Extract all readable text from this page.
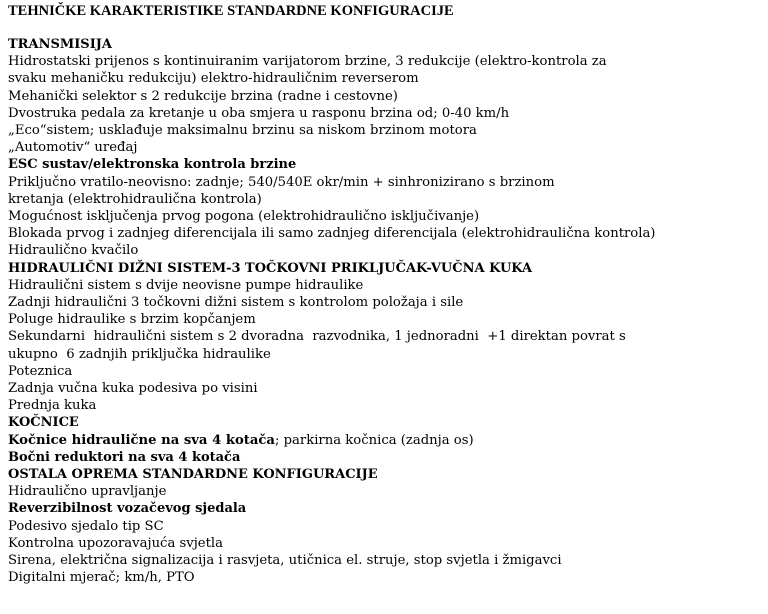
TEHNIČKE KARAKTERISTIKE STANDARDNE KONFIGURACIJE
TRANSMISIJA
Hidrostatski prijenos s kontinuiranim varijatorom brzine, 3 redukcije (elektro-kontrola za svaku mehaničku redukciju) elektro-hidrauličnim reverserom
Mehanički selektor s 2 redukcije brzina (radne i cestovne)
Dvostruka pedala za kretanje u oba smjera u rasponu brzina od; 0-40 km/h
„Eco“sistem; usklađuje maksimalnu brzinu sa niskom brzinom motora
„Automotiv“ uređaj
ESC sustav/elektronska kontrola brzine
Priključno vratilo-neovisno: zadnje; 540/540E okr/min + sinhronizirano s brzinom kretanja (elektrohidraulična kontrola)
Mogućnost isključenja prvog pogona (elektrohidraulično isključivanje)
Blokada prvog i zadnjeg diferencijala ili samo zadnjeg diferencijala (elektrohidraulična kontrola)
Hidraulično kvačilo
HIDRAULIČNI DIŽNI SISTEM-3 TOČKOVNI PRIKLJUČAK-VUČNA KUKA
Hidraulični sistem s dvije neovisne pumpe hidraulike
Zadnji hidraulični 3 točkovni dižni sistem s kontrolom položaja i sile
Poluge hidraulike s brzim kopčanjem
Sekundarni  hidraulični sistem s 2 dvoradna  razvodnika, 1 jednoradni  +1 direktan povrat s ukupno  6 zadnjih priključka hidraulike
Poteznica
Zadnja vučna kuka podesiva po visini
Prednja kuka
KOČNICE
Kočnice hidraulične na sva 4 kotača; parkirna kočnica (zadnja os)
Bočni reduktori na sva 4 kotača
OSTALA OPREMA STANDARDNE KONFIGURACIJE
Hidraulično upravljanje
Reverzibilnost vozačevog sjedala
Podesivo sjedalo tip SC
Kontrolna upozoravajuća svjetla
Sirena, električna signalizacija i rasvjeta, utičnica el. struje, stop svjetla i žmigavci
Digitalni mjerač; km/h, PTO
